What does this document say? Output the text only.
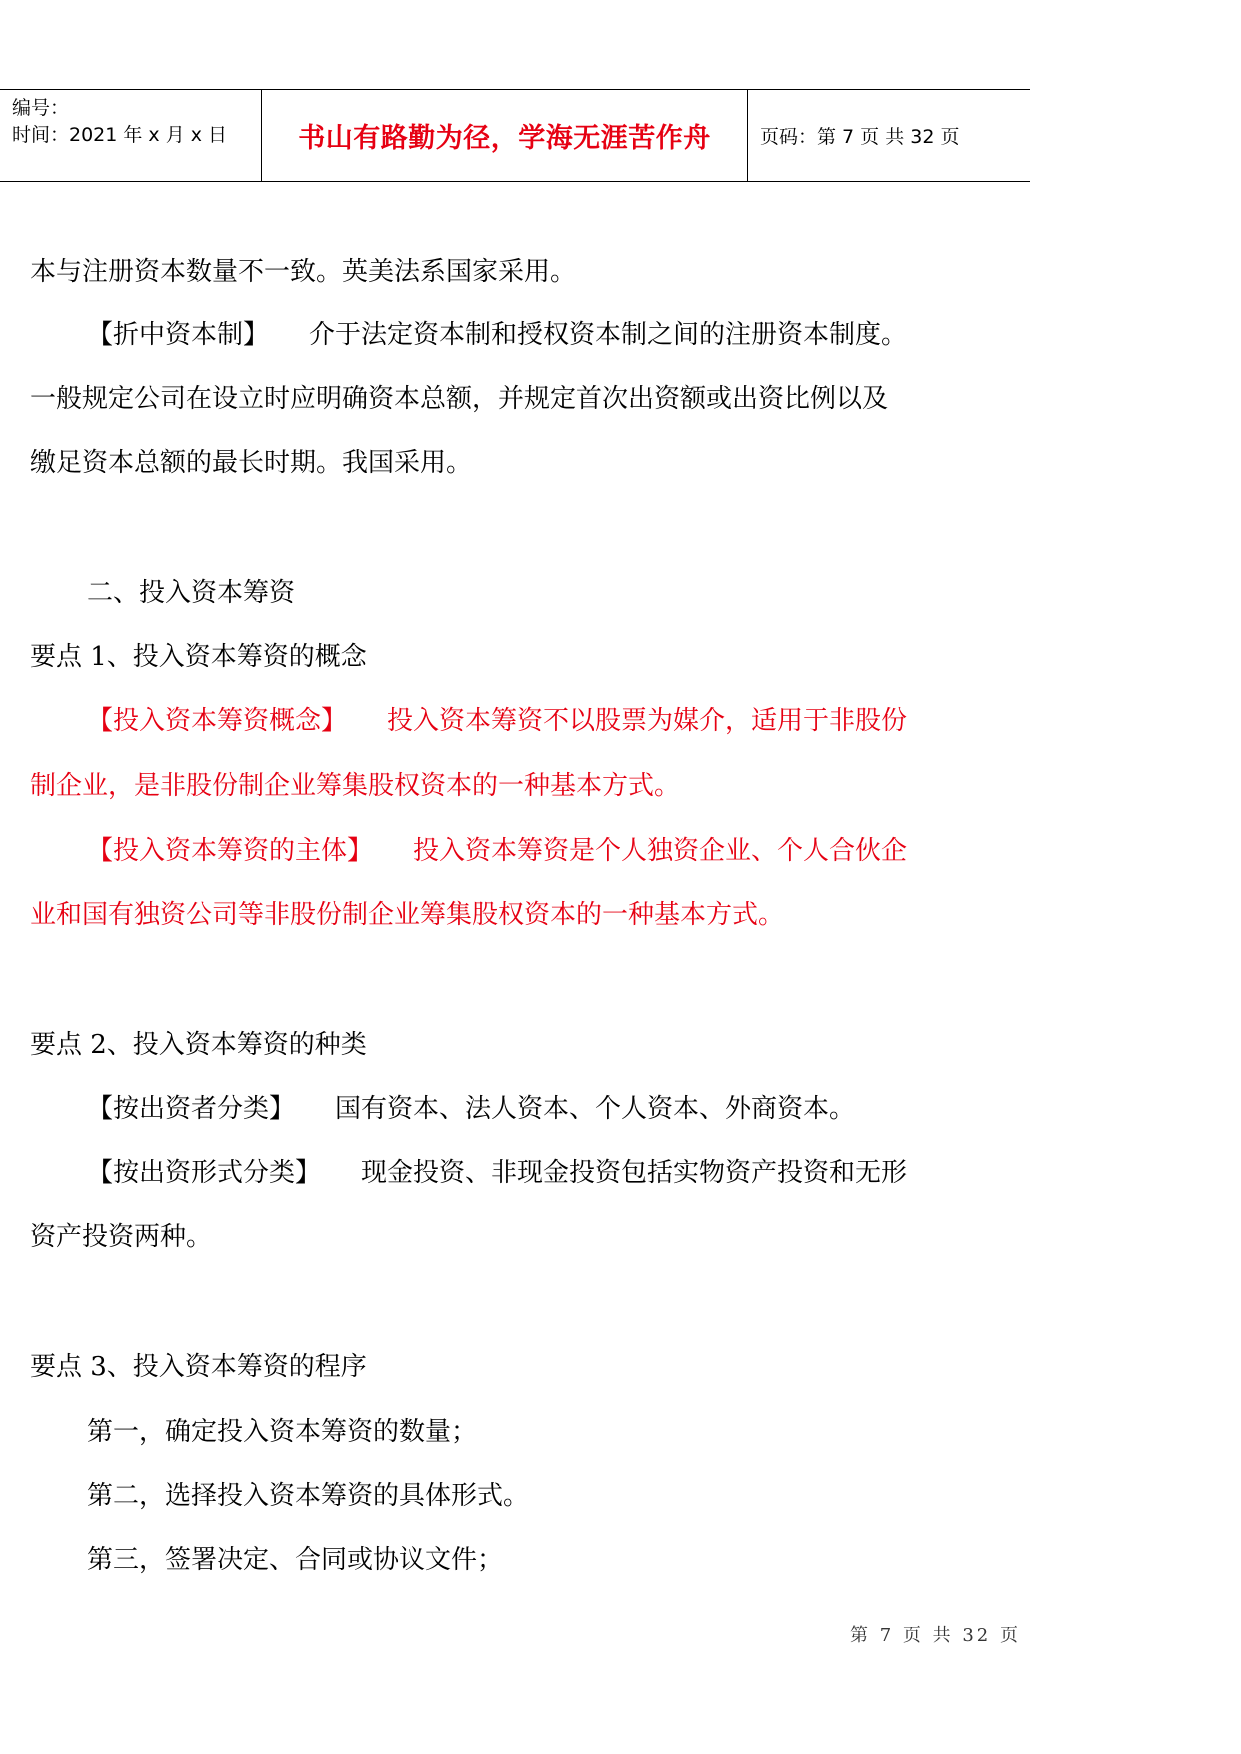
编号：
时间：2021 年 x 月 x 日	书山有路勤为径，学海无涯苦作舟	页码：第 7 页 共 32 页
本与注册资本数量不一致。英美法系国家采用。
【折中资本制】 介于法定资本制和授权资本制之间的注册资本制度。
一般规定公司在设立时应明确资本总额，并规定首次出资额或出资比例以及
缴足资本总额的最长时期。我国采用。
二、投入资本筹资
要点 1、投入资本筹资的概念
【投入资本筹资概念】 投入资本筹资不以股票为媒介，适用于非股份
制企业，是非股份制企业筹集股权资本的一种基本方式。
【投入资本筹资的主体】 投入资本筹资是个人独资企业、个人合伙企
业和国有独资公司等非股份制企业筹集股权资本的一种基本方式。
要点 2、投入资本筹资的种类
【按出资者分类】 国有资本、法人资本、个人资本、外商资本。
【按出资形式分类】 现金投资、非现金投资包括实物资产投资和无形
资产投资两种。
要点 3、投入资本筹资的程序
第一，确定投入资本筹资的数量；
第二，选择投入资本筹资的具体形式。
第三，签署决定、合同或协议文件；
第 7 页 共 32 页
